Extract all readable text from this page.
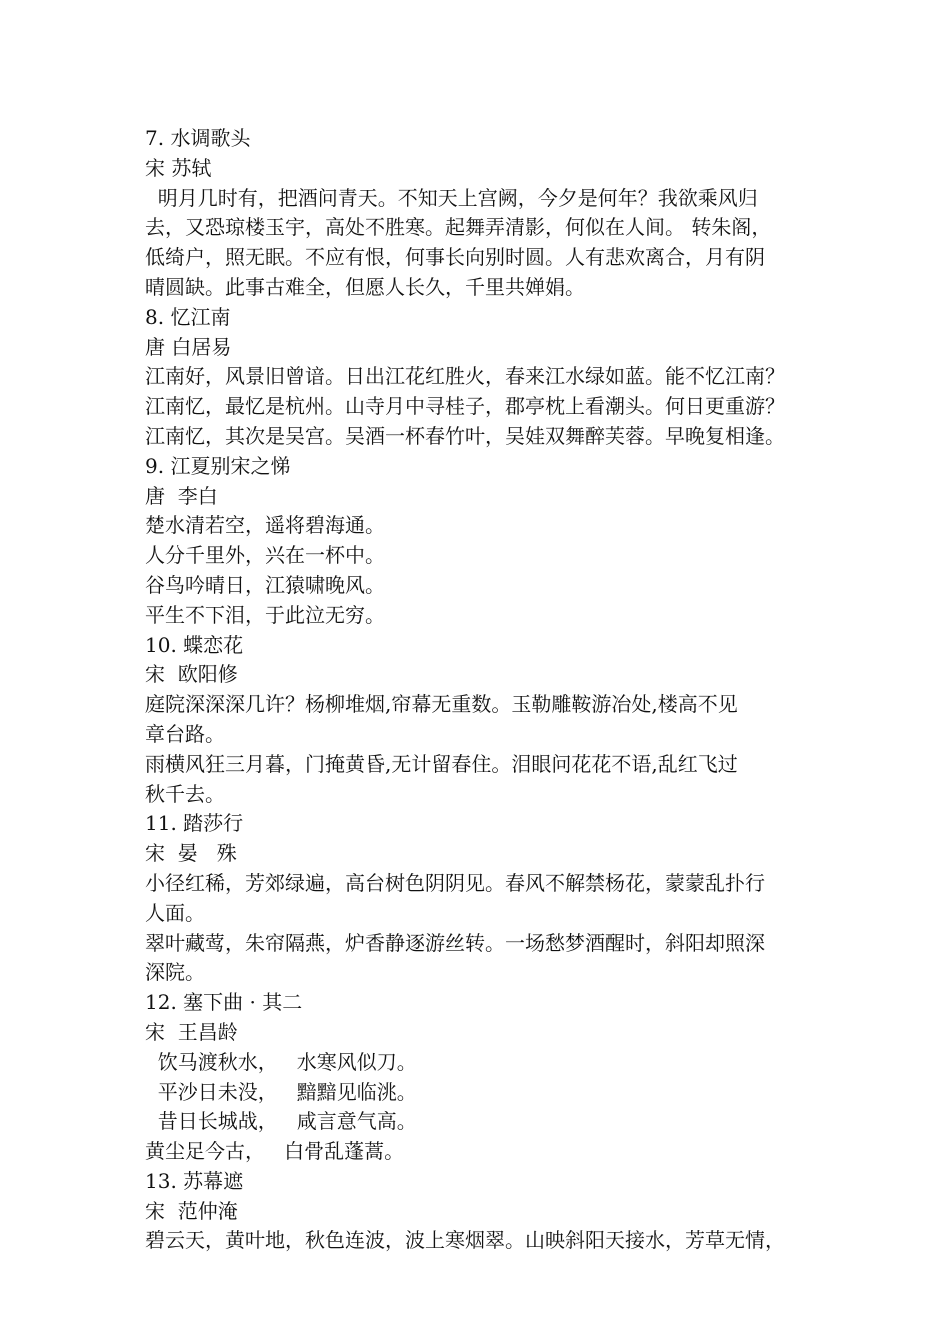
7. 水调歌头

宋 苏轼

明月几时有，把酒问青天。不知天上宫阙，今夕是何年？我欲乘风归

去，又恐琼楼玉宇，高处不胜寒。起舞弄清影，何似在人间。 转朱阁，

低绮户，照无眠。不应有恨，何事长向别时圆。人有悲欢离合，月有阴

晴圆缺。此事古难全，但愿人长久，千里共婵娟。

8. 忆江南

唐 白居易

江南好，风景旧曾谙。日出江花红胜火，春来江水绿如蓝。能不忆江南？

江南忆，最忆是杭州。山寺月中寻桂子，郡亭枕上看潮头。何日更重游？

江南忆，其次是吴宫。吴酒一杯春竹叶，吴娃双舞醉芙蓉。早晚复相逢。

9. 江夏别宋之悌

唐  李白

楚水清若空，遥将碧海通。

人分千里外，兴在一杯中。

谷鸟吟晴日，江猿啸晚风。

平生不下泪，于此泣无穷。

10. 蝶恋花

宋  欧阳修

庭院深深深几许？杨柳堆烟,帘幕无重数。玉勒雕鞍游冶处,楼高不见

章台路。

雨横风狂三月暮，门掩黄昏,无计留春住。泪眼问花花不语,乱红飞过

秋千去。

11. 踏莎行

宋  晏   殊

小径红稀，芳郊绿遍，高台树色阴阴见。春风不解禁杨花，蒙蒙乱扑行

人面。

翠叶藏莺，朱帘隔燕，炉香静逐游丝转。一场愁梦酒醒时，斜阳却照深

深院。

12. 塞下曲 · 其二

宋  王昌龄

饮马渡秋水，   水寒风似刀。

平沙日未没，   黯黯见临洮。

昔日长城战，   咸言意气高。

黄尘足今古，   白骨乱蓬蒿。

13. 苏幕遮

宋  范仲淹

碧云天，黄叶地，秋色连波，波上寒烟翠。山映斜阳天接水，芳草无情，
